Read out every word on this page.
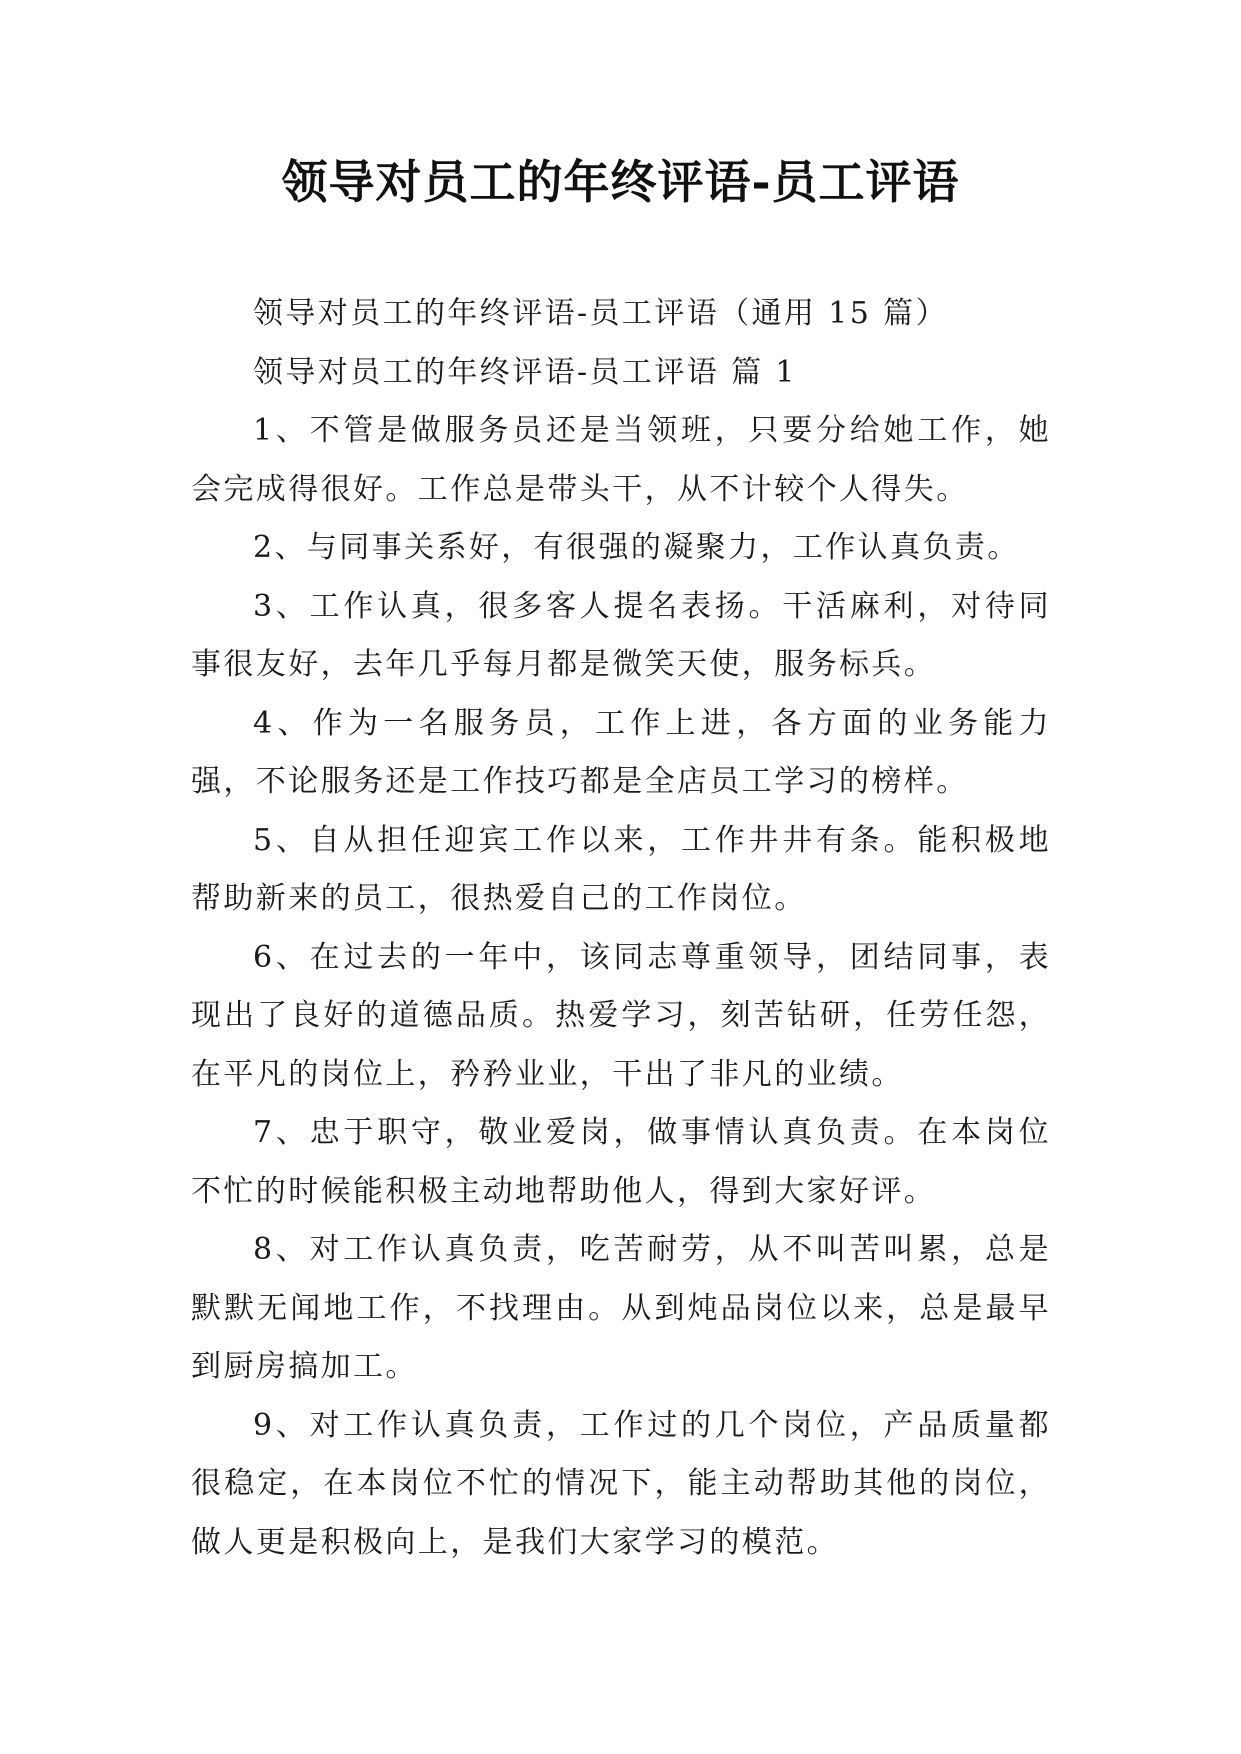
领导对员工的年终评语-员工评语

领导对员工的年终评语-员工评语（通用 15 篇）

领导对员工的年终评语-员工评语 篇 1

1、不管是做服务员还是当领班，只要分给她工作，她会完成得很好。工作总是带头干，从不计较个人得失。

2、与同事关系好，有很强的凝聚力，工作认真负责。

3、工作认真，很多客人提名表扬。干活麻利，对待同事很友好，去年几乎每月都是微笑天使，服务标兵。

4、作为一名服务员，工作上进，各方面的业务能力强，不论服务还是工作技巧都是全店员工学习的榜样。

5、自从担任迎宾工作以来，工作井井有条。能积极地帮助新来的员工，很热爱自己的工作岗位。

6、在过去的一年中，该同志尊重领导，团结同事，表现出了良好的道德品质。热爱学习，刻苦钻研，任劳任怨，在平凡的岗位上，矜矜业业，干出了非凡的业绩。

7、忠于职守，敬业爱岗，做事情认真负责。在本岗位不忙的时候能积极主动地帮助他人，得到大家好评。

8、对工作认真负责，吃苦耐劳，从不叫苦叫累，总是默默无闻地工作，不找理由。从到炖品岗位以来，总是最早到厨房搞加工。

9、对工作认真负责，工作过的几个岗位，产品质量都很稳定，在本岗位不忙的情况下，能主动帮助其他的岗位，做人更是积极向上，是我们大家学习的模范。
